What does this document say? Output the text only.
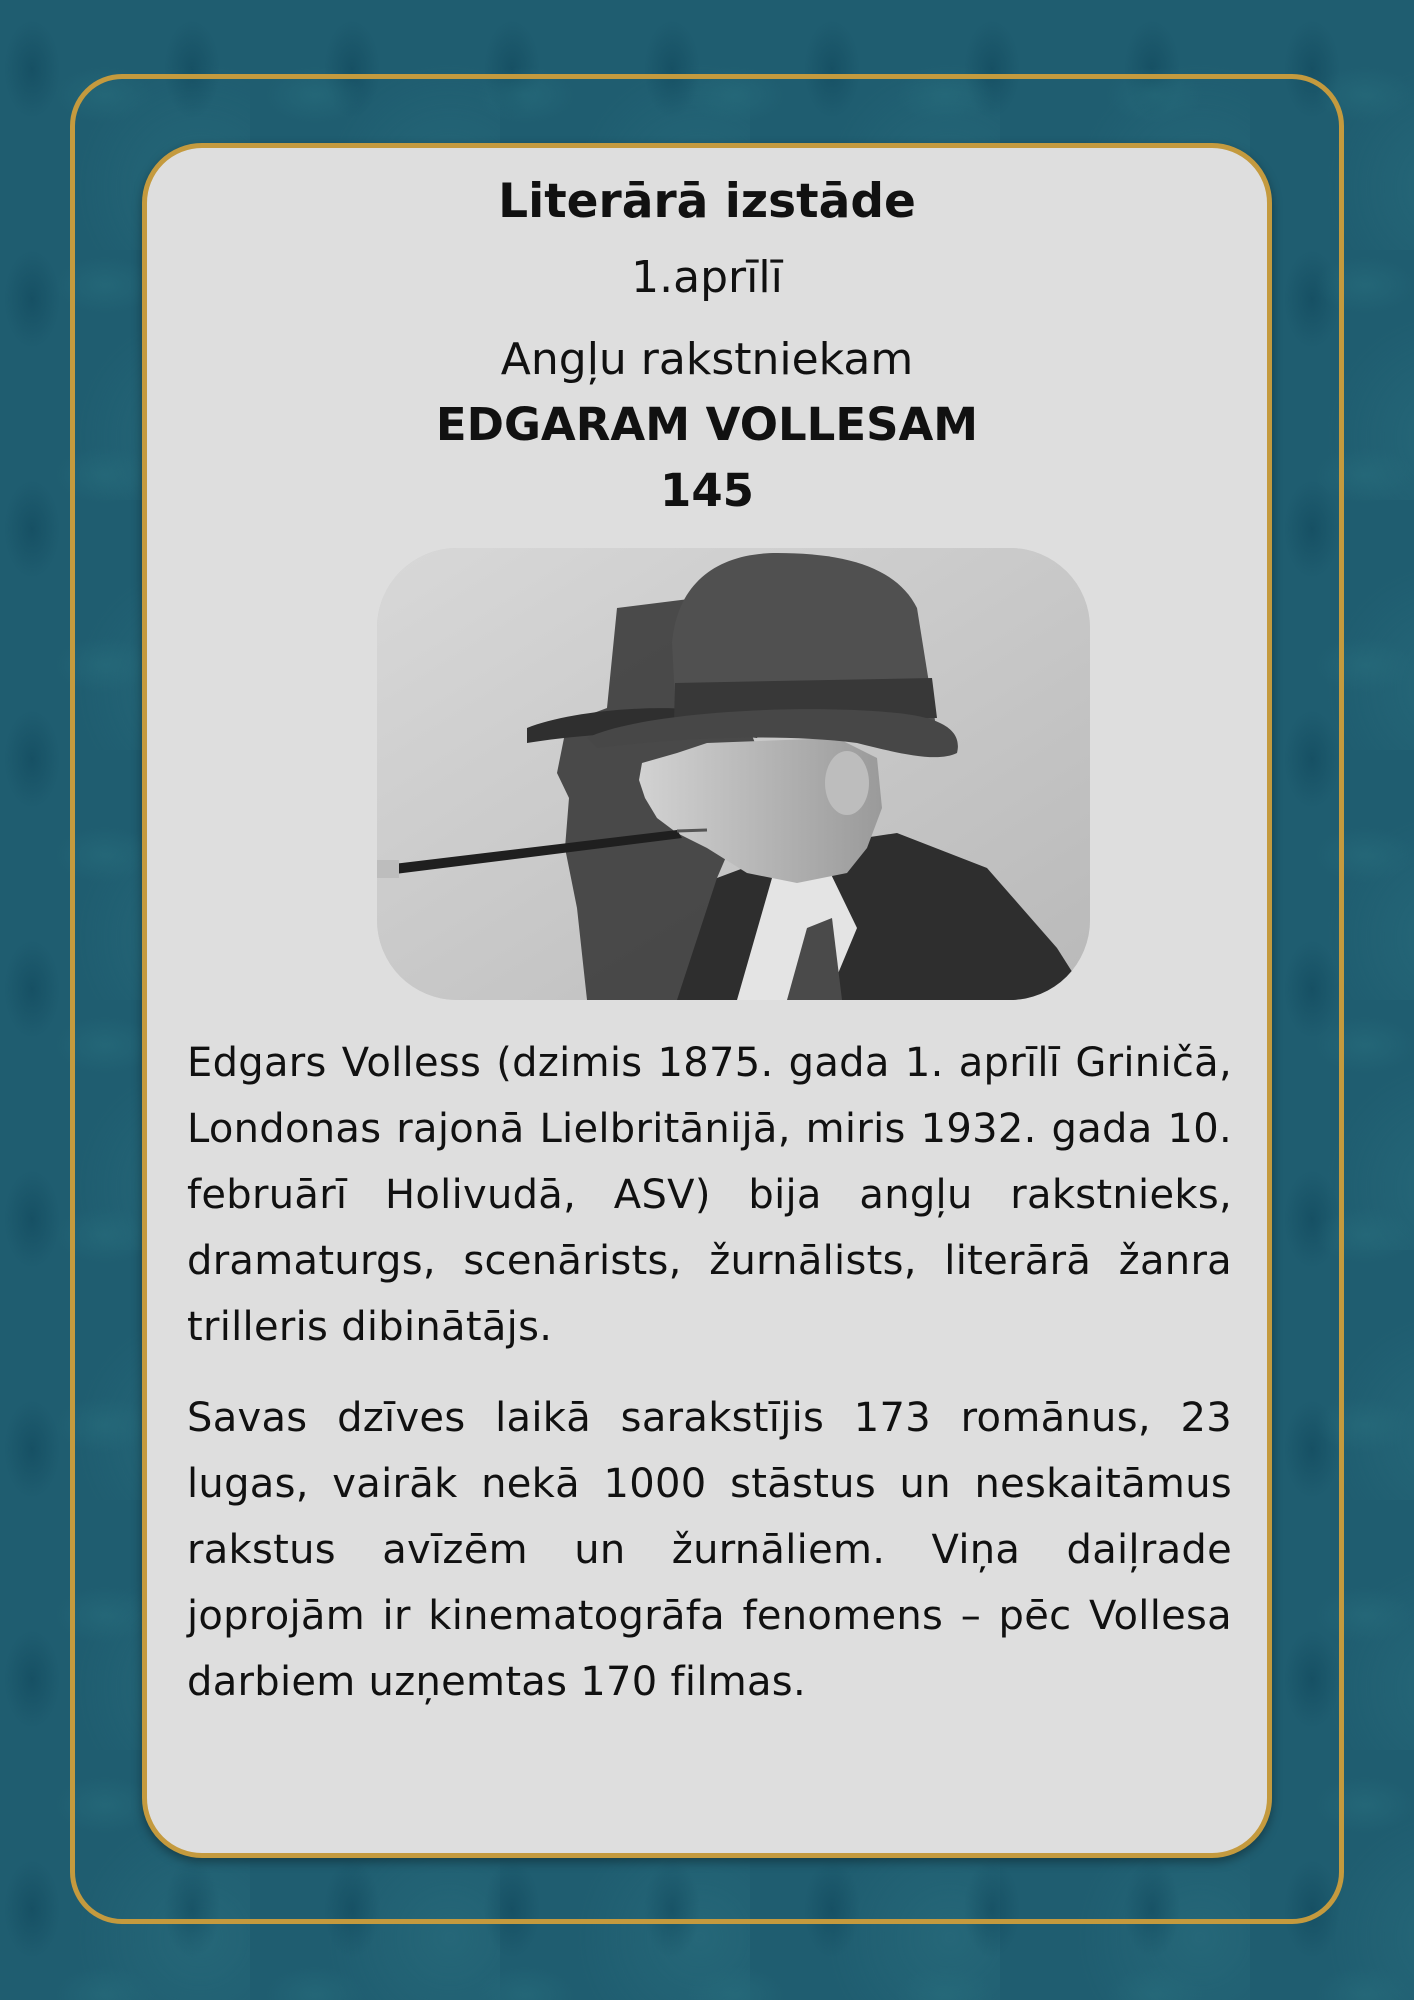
Literārā izstāde
1.aprīlī
Angļu rakstniekam
EDGARAM VOLLESAM
145

Edgars Volless (dzimis 1875. gada 1. aprīlī Griničā, Londonas rajonā Lielbritānijā, miris 1932. gada 10. februārī Holivudā, ASV) bija angļu rakstnieks, dramaturgs, scenārists, žurnālists, literārā žanra trilleris dibinātājs.

Savas dzīves laikā sarakstījis 173 romānus, 23 lugas, vairāk nekā 1000 stāstus un neskaitāmus rakstus avīzēm un žurnāliem. Viņa daiļrade joprojām ir kinematogrāfa fenomens – pēc Vollesa darbiem uzņemtas 170 filmas.
